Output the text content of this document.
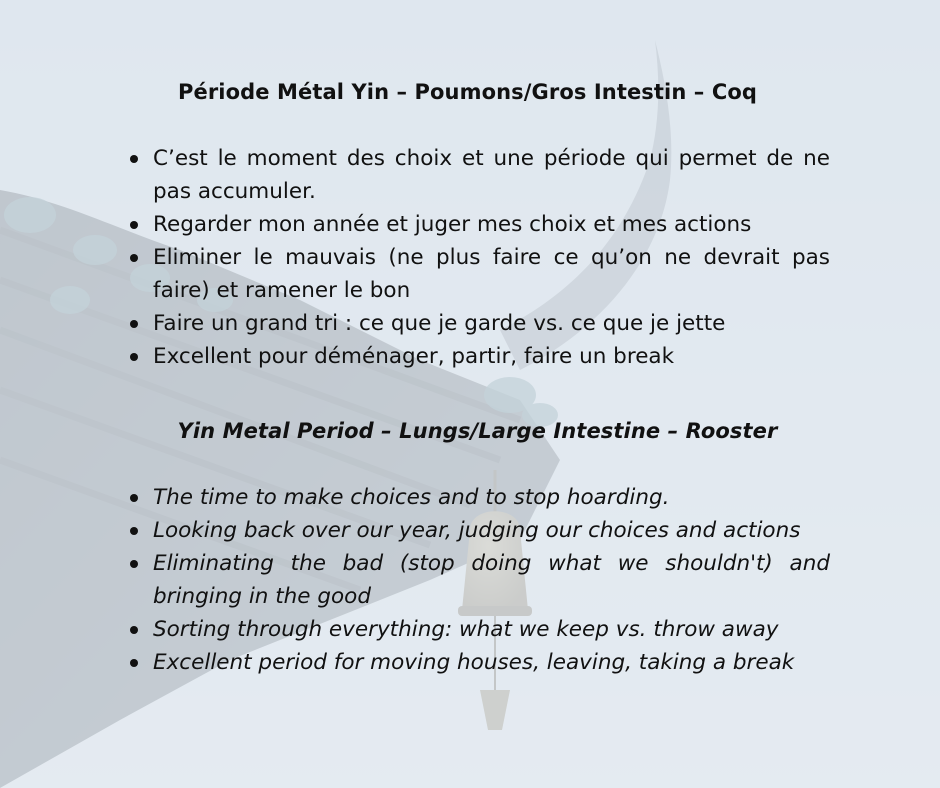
Période Métal Yin – Poumons/Gros Intestin – Coq
C’est le moment des choix et une période qui permet de ne pas accumuler.
Regarder mon année et juger mes choix et mes actions
Eliminer le mauvais (ne plus faire ce qu’on ne devrait pas faire) et ramener le bon
Faire un grand tri : ce que je garde vs. ce que je jette
Excellent pour déménager, partir, faire un break
Yin Metal Period – Lungs/Large Intestine – Rooster
The time to make choices and to stop hoarding.
Looking back over our year, judging our choices and actions
Eliminating the bad (stop doing what we shouldn't) and bringing in the good
Sorting through everything: what we keep vs. throw away
Excellent period for moving houses, leaving, taking a break
